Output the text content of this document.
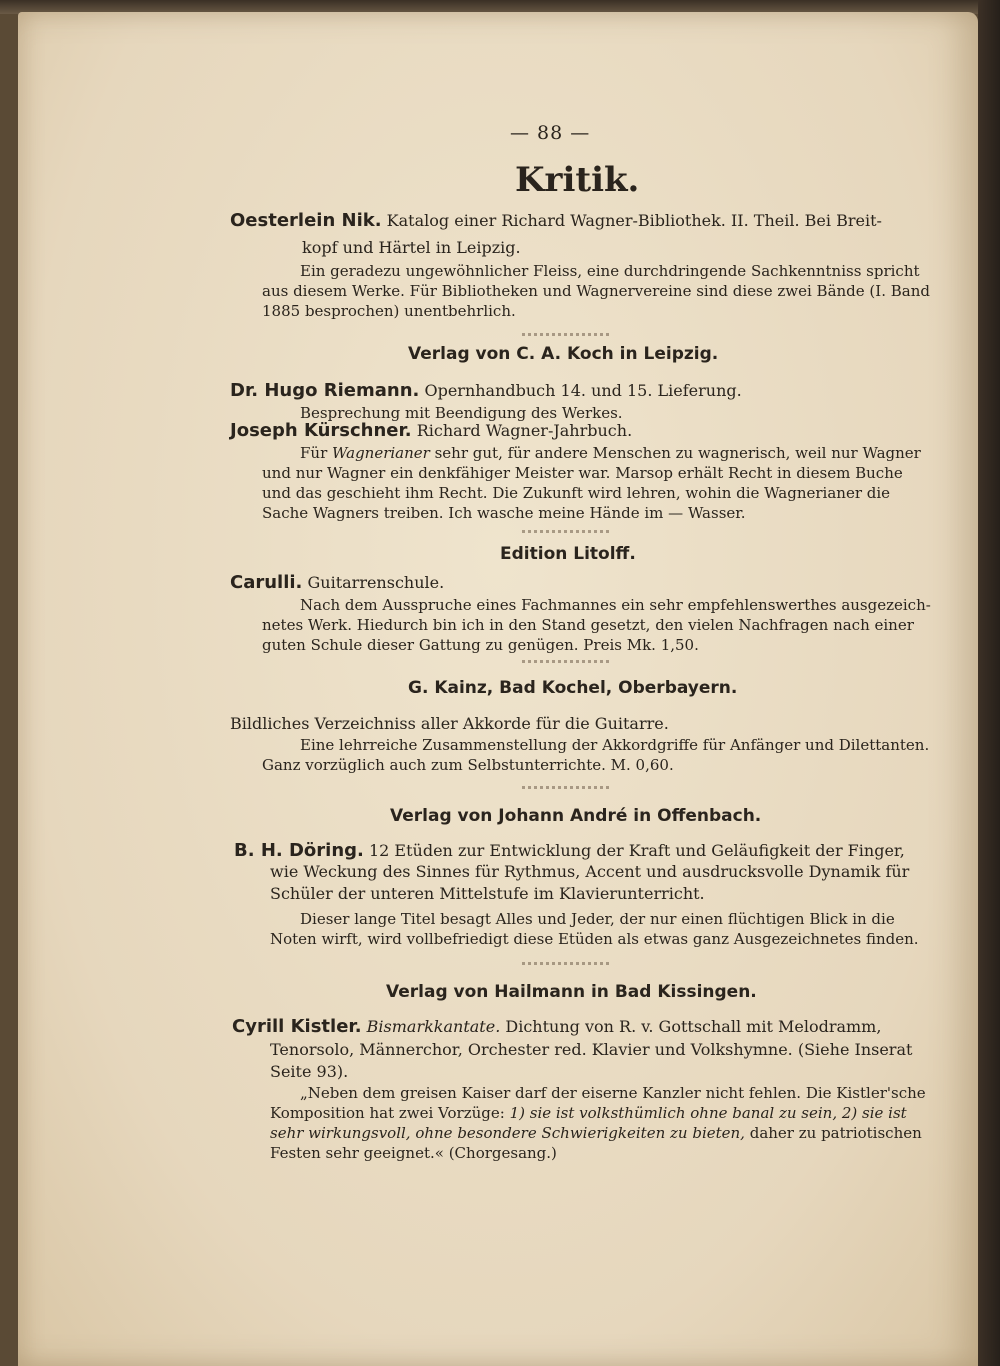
— 88 —
Kritik.
Oesterlein Nik. Katalog einer Richard Wagner-Bibliothek. II. Theil. Bei Breit-
kopf und Härtel in Leipzig.
Ein geradezu ungewöhnlicher Fleiss, eine durchdringende Sachkenntniss spricht
aus diesem Werke. Für Bibliotheken und Wagnervereine sind diese zwei Bände (I. Band
1885 besprochen) unentbehrlich.
Verlag von C. A. Koch in Leipzig.
Dr. Hugo Riemann. Opernhandbuch 14. und 15. Lieferung.
Besprechung mit Beendigung des Werkes.
Joseph Kürschner. Richard Wagner-Jahrbuch.
Für Wagnerianer sehr gut, für andere Menschen zu wagnerisch, weil nur Wagner
und nur Wagner ein denkfähiger Meister war. Marsop erhält Recht in diesem Buche
und das geschieht ihm Recht. Die Zukunft wird lehren, wohin die Wagnerianer die
Sache Wagners treiben. Ich wasche meine Hände im — Wasser.
Edition Litolff.
Carulli. Guitarrenschule.
Nach dem Ausspruche eines Fachmannes ein sehr empfehlenswerthes ausgezeich-
netes Werk. Hiedurch bin ich in den Stand gesetzt, den vielen Nachfragen nach einer
guten Schule dieser Gattung zu genügen. Preis Mk. 1,50.
G. Kainz, Bad Kochel, Oberbayern.
Bildliches Verzeichniss aller Akkorde für die Guitarre.
Eine lehrreiche Zusammenstellung der Akkordgriffe für Anfänger und Dilettanten.
Ganz vorzüglich auch zum Selbstunterrichte. M. 0,60.
Verlag von Johann André in Offenbach.
B. H. Döring. 12 Etüden zur Entwicklung der Kraft und Geläufigkeit der Finger,
wie Weckung des Sinnes für Rythmus, Accent und ausdrucksvolle Dynamik für
Schüler der unteren Mittelstufe im Klavierunterricht.
Dieser lange Titel besagt Alles und Jeder, der nur einen flüchtigen Blick in die
Noten wirft, wird vollbefriedigt diese Etüden als etwas ganz Ausgezeichnetes finden.
Verlag von Hailmann in Bad Kissingen.
Cyrill Kistler. Bismarkkantate. Dichtung von R. v. Gottschall mit Melodramm,
Tenorsolo, Männerchor, Orchester red. Klavier und Volkshymne. (Siehe Inserat
Seite 93).
„Neben dem greisen Kaiser darf der eiserne Kanzler nicht fehlen. Die Kistler'sche
Komposition hat zwei Vorzüge: 1) sie ist volksthümlich ohne banal zu sein, 2) sie ist
sehr wirkungsvoll, ohne besondere Schwierigkeiten zu bieten, daher zu patriotischen
Festen sehr geeignet.« (Chorgesang.)
